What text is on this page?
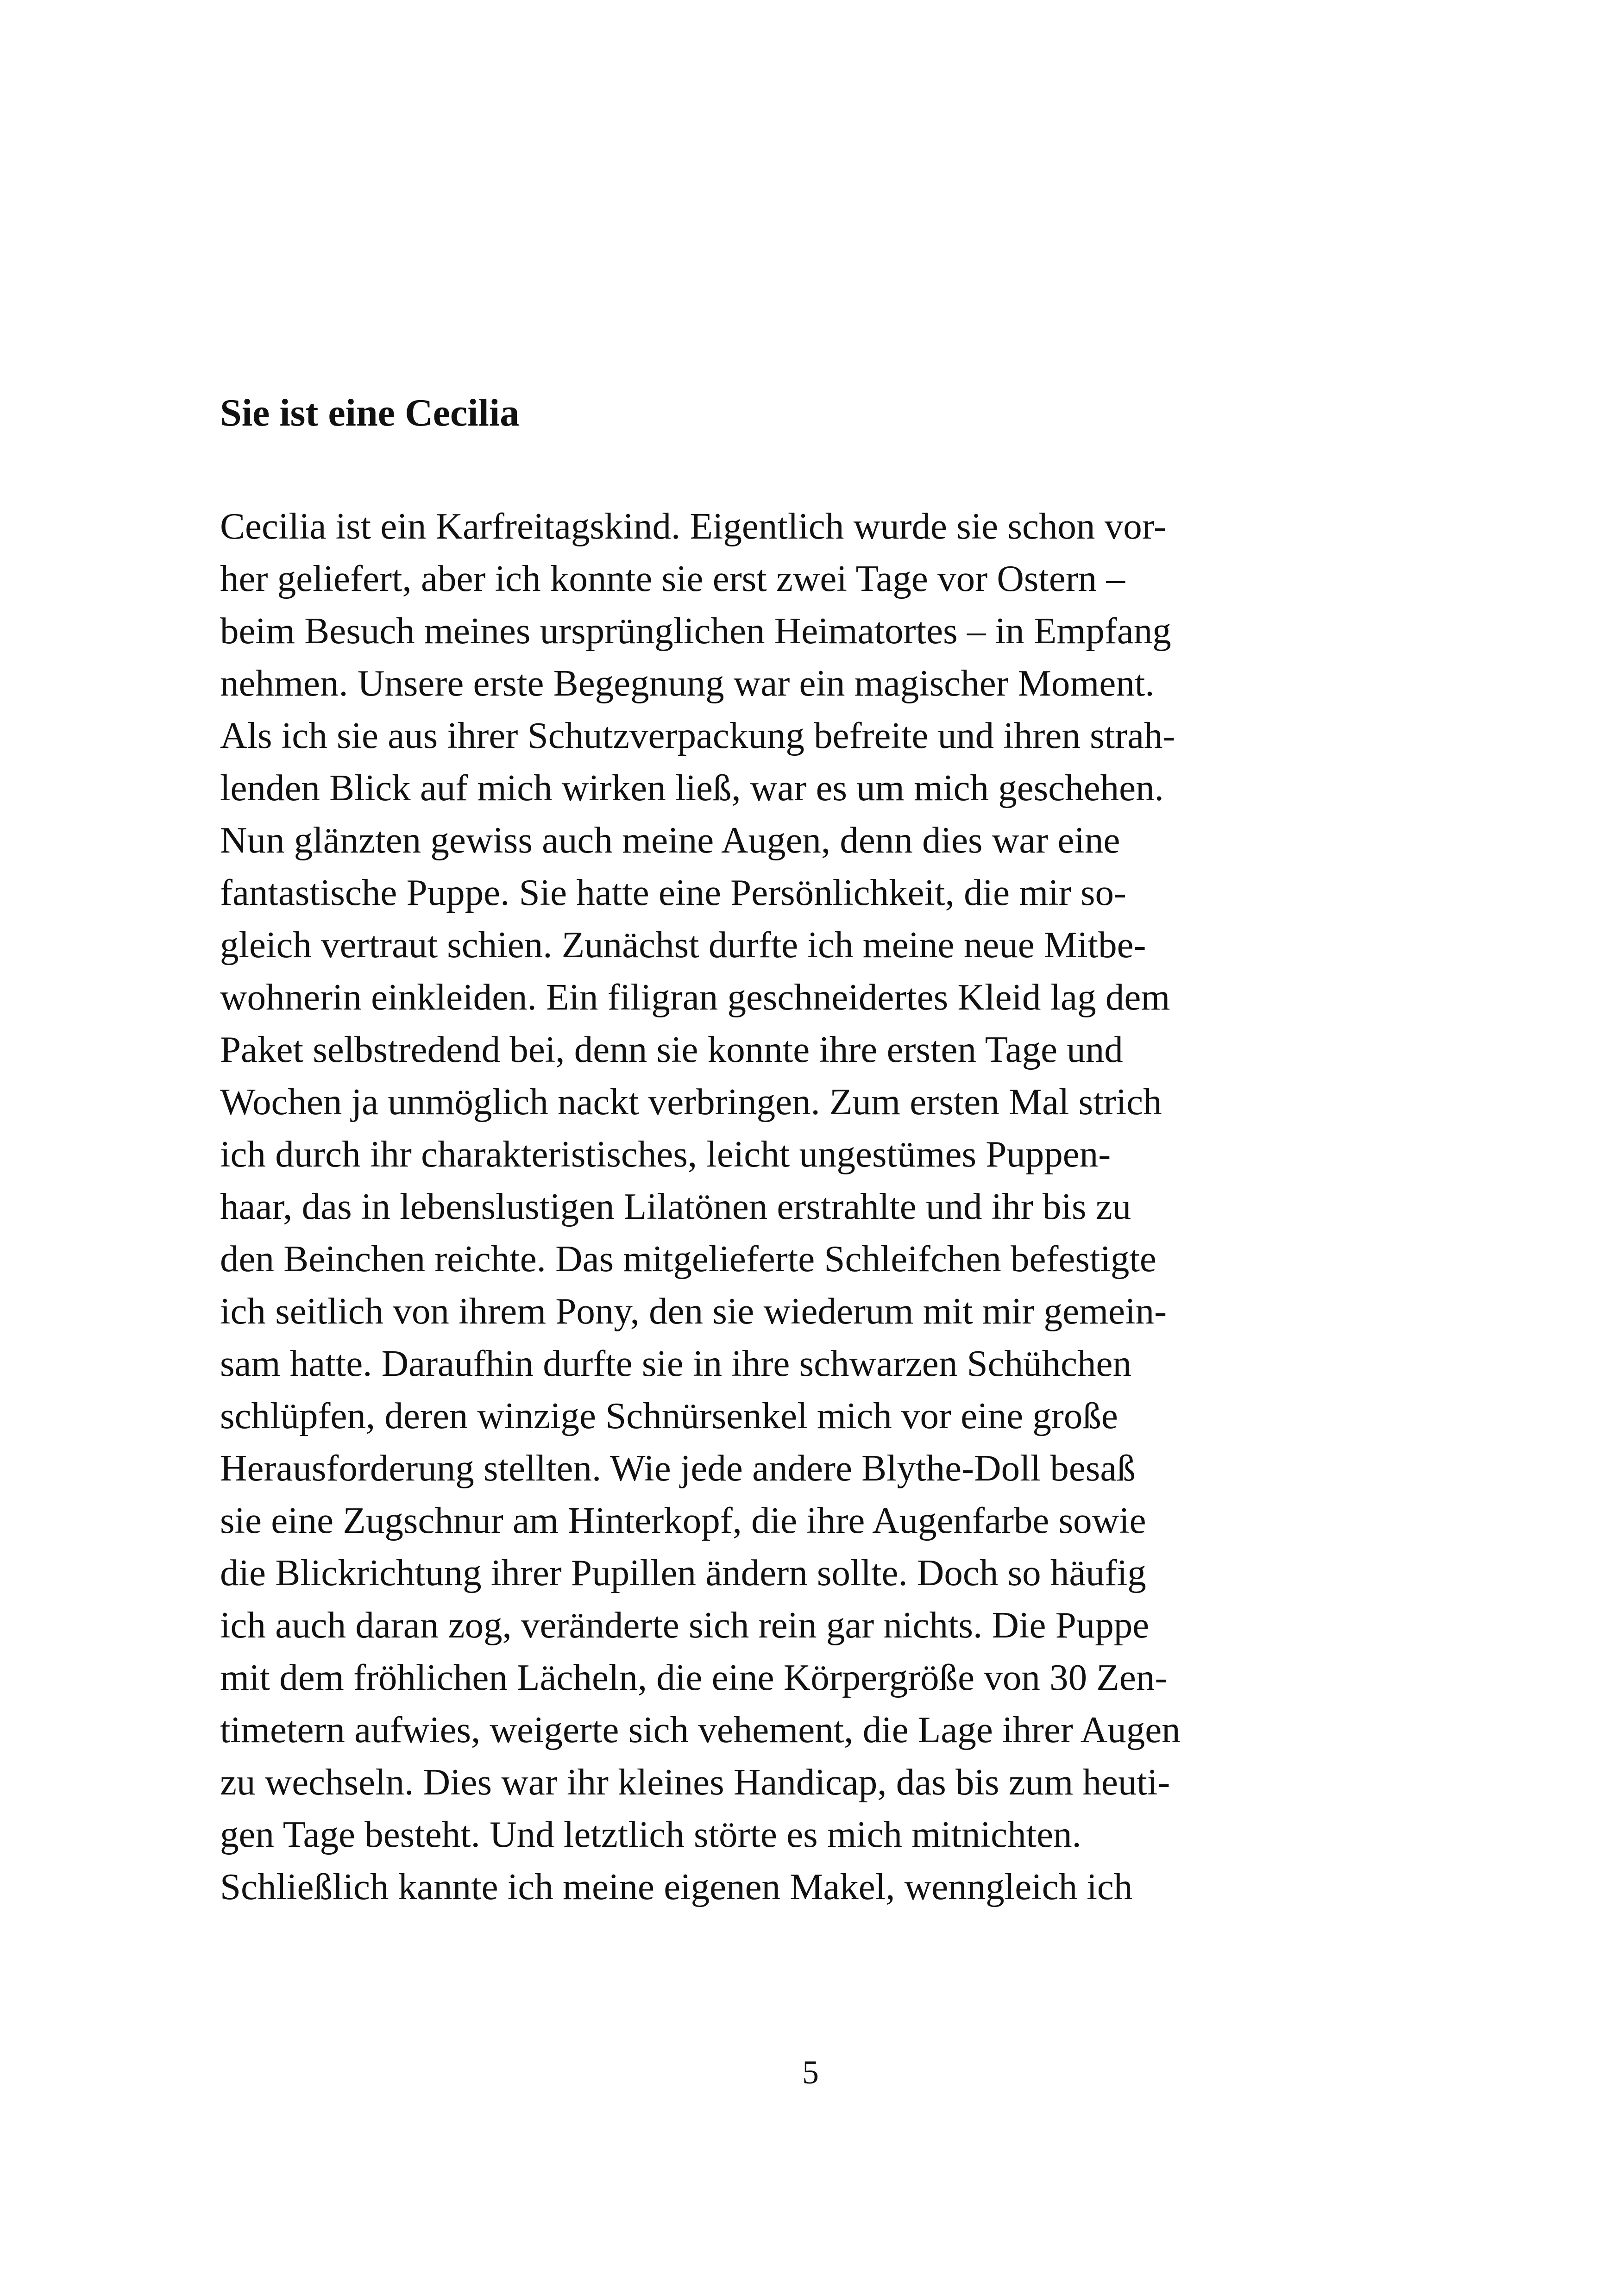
Sie ist eine Cecilia
Cecilia ist ein Karfreitagskind. Eigentlich wurde sie schon vor-
her geliefert, aber ich konnte sie erst zwei Tage vor Ostern –
beim Besuch meines ursprünglichen Heimatortes – in Empfang
nehmen. Unsere erste Begegnung war ein magischer Moment.
Als ich sie aus ihrer Schutzverpackung befreite und ihren strah-
lenden Blick auf mich wirken ließ, war es um mich geschehen.
Nun glänzten gewiss auch meine Augen, denn dies war eine
fantastische Puppe. Sie hatte eine Persönlichkeit, die mir so-
gleich vertraut schien. Zunächst durfte ich meine neue Mitbe-
wohnerin einkleiden. Ein filigran geschneidertes Kleid lag dem
Paket selbstredend bei, denn sie konnte ihre ersten Tage und
Wochen ja unmöglich nackt verbringen. Zum ersten Mal strich
ich durch ihr charakteristisches, leicht ungestümes Puppen-
haar, das in lebenslustigen Lilatönen erstrahlte und ihr bis zu
den Beinchen reichte. Das mitgelieferte Schleifchen befestigte
ich seitlich von ihrem Pony, den sie wiederum mit mir gemein-
sam hatte. Daraufhin durfte sie in ihre schwarzen Schühchen
schlüpfen, deren winzige Schnürsenkel mich vor eine große
Herausforderung stellten. Wie jede andere Blythe-Doll besaß
sie eine Zugschnur am Hinterkopf, die ihre Augenfarbe sowie
die Blickrichtung ihrer Pupillen ändern sollte. Doch so häufig
ich auch daran zog, veränderte sich rein gar nichts. Die Puppe
mit dem fröhlichen Lächeln, die eine Körpergröße von 30 Zen-
timetern aufwies, weigerte sich vehement, die Lage ihrer Augen
zu wechseln. Dies war ihr kleines Handicap, das bis zum heuti-
gen Tage besteht. Und letztlich störte es mich mitnichten.
Schließlich kannte ich meine eigenen Makel, wenngleich ich
5
